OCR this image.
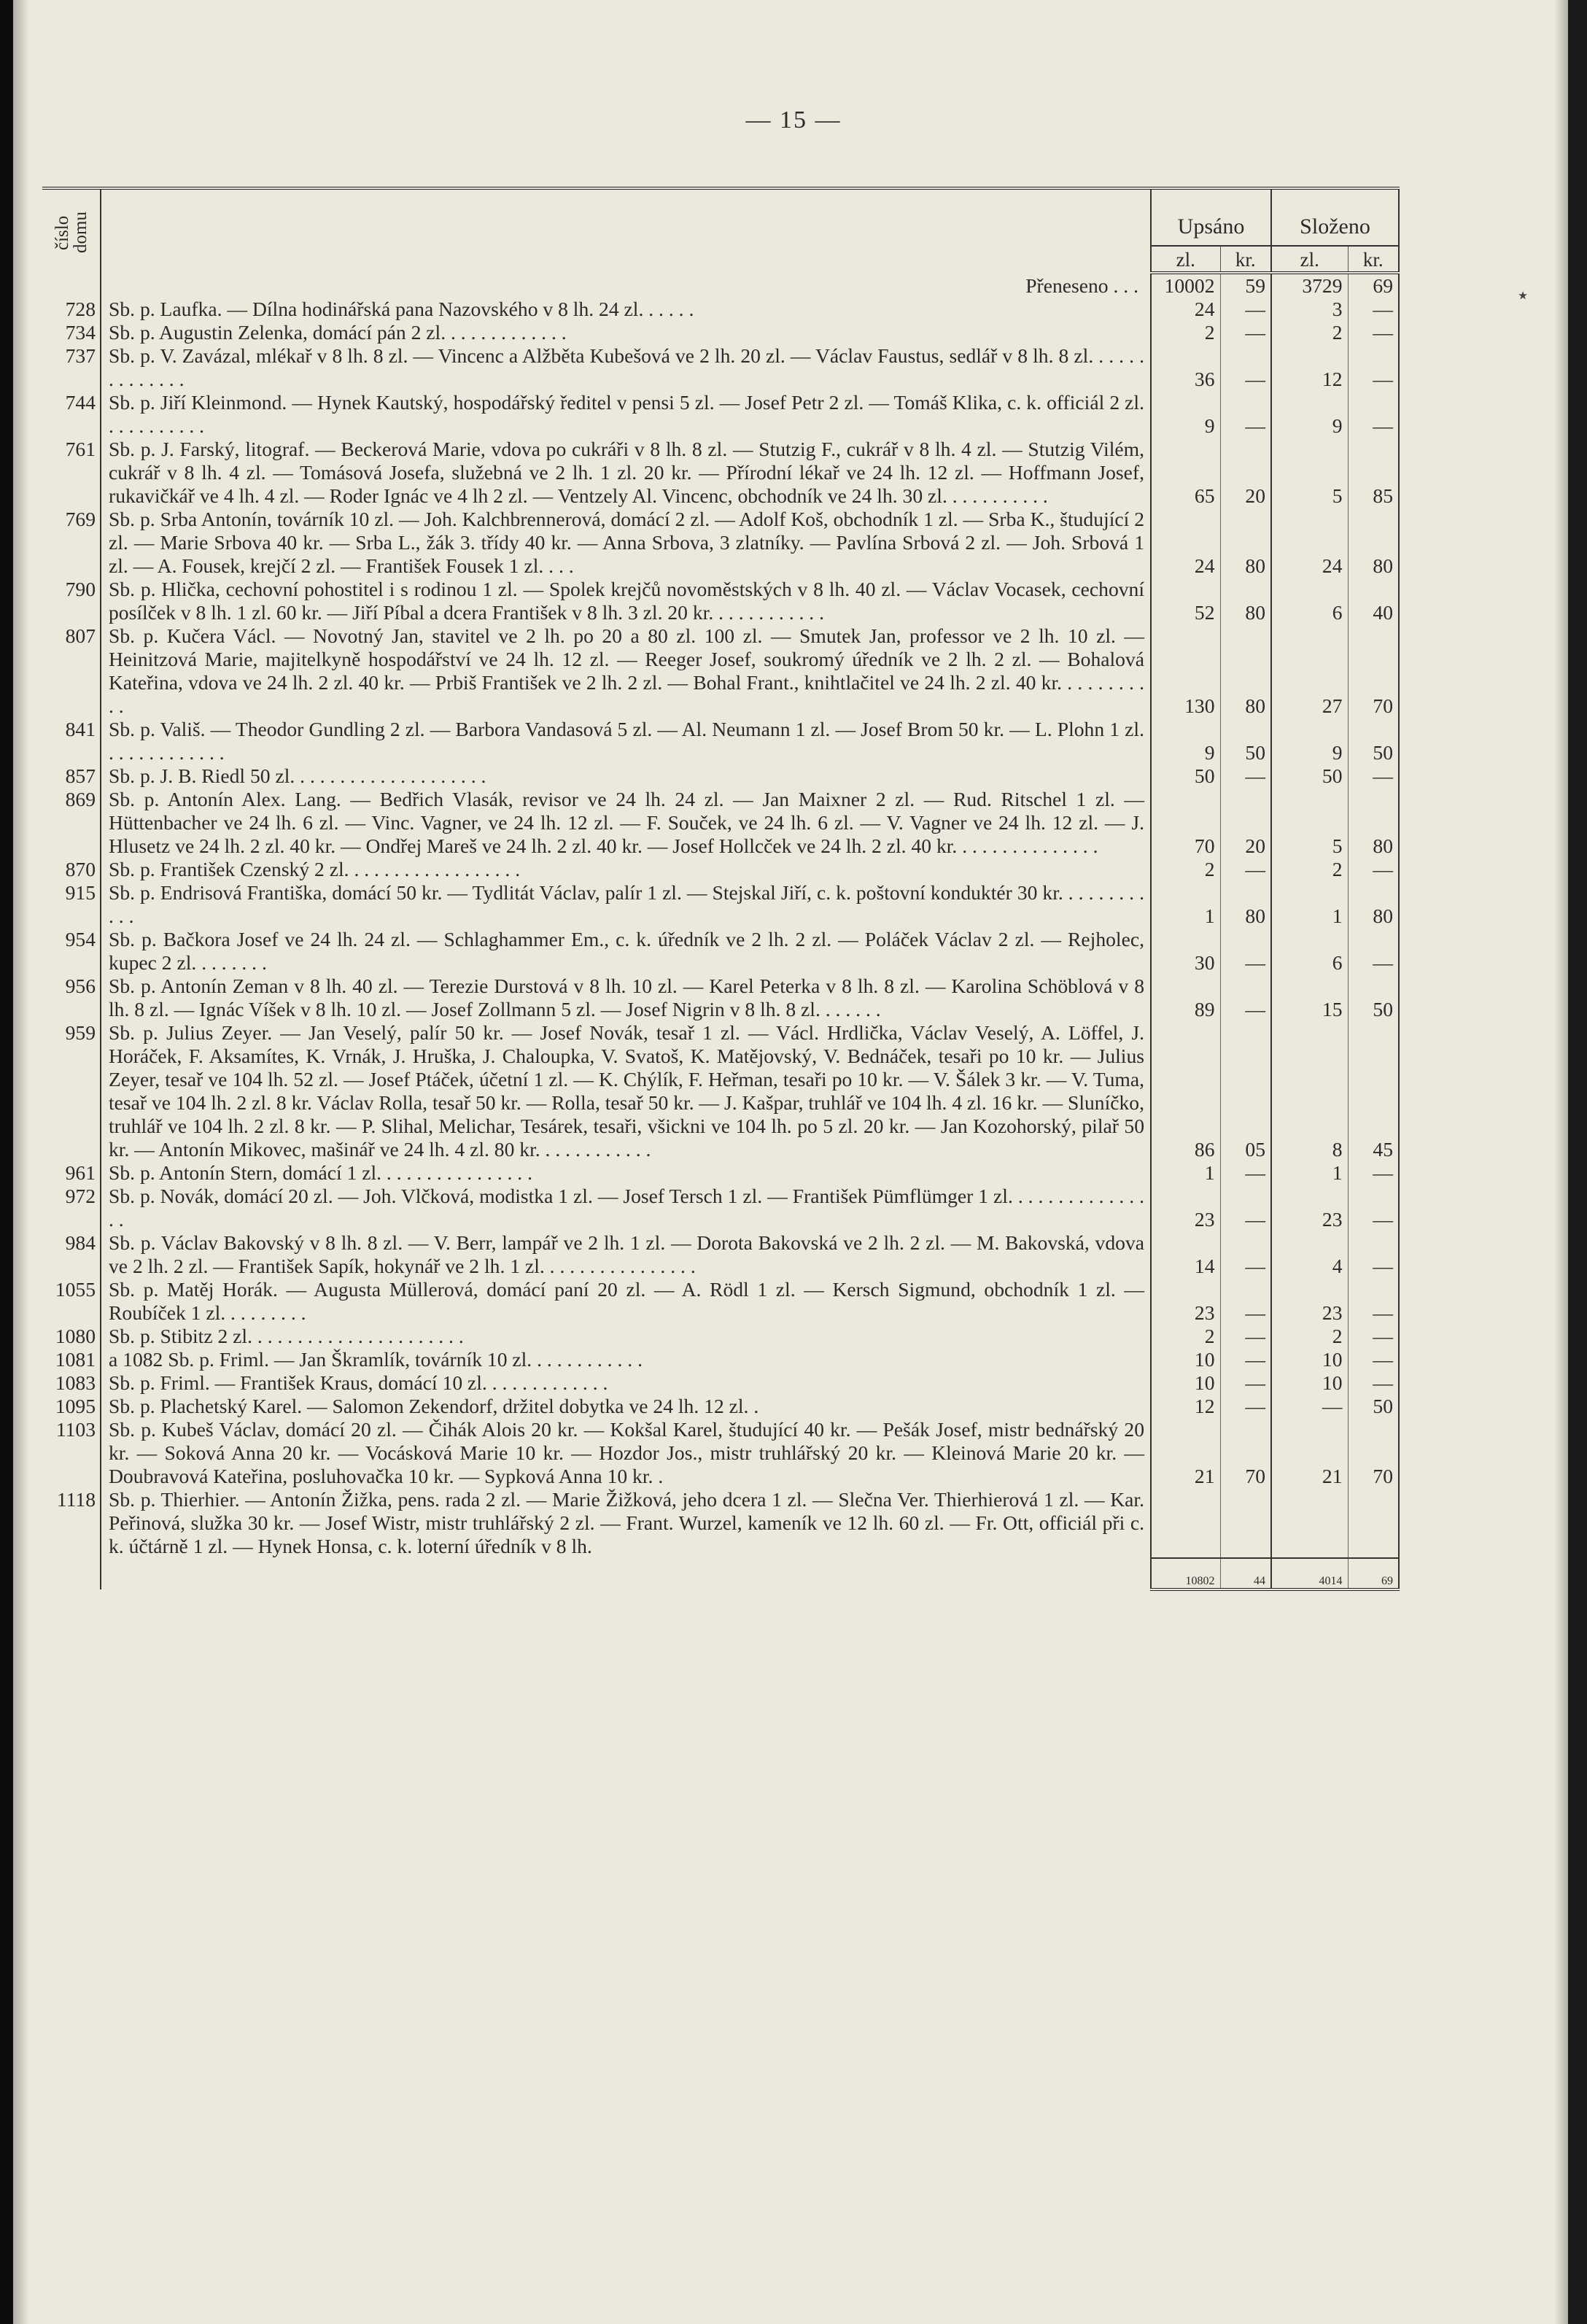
٭
— 15 —
číslo domu		Upsáno		Složeno	
		zl.	kr.	zl.	kr.
	Přeneseno . . .	10002	59	3729	69
728	Sb. p. Laufka. — Dílna hodinářská pana Nazovského v 8 lh. 24 zl. . . . . .	24	—	3	—
734	Sb. p. Augustin Zelenka, domácí pán 2 zl. . . . . . . . . . . . .	2	—	2	—
737	Sb. p. V. Zavázal, mlékař v 8 lh. 8 zl. — Vincenc a Alžběta Kubešová ve 2 lh. 20 zl. — Václav Faustus, sedlář v 8 lh. 8 zl. . . . . . . . . . . . . .	36	—	12	—
744	Sb. p. Jiří Kleinmond. — Hynek Kautský, hospodářský ředitel v pensi 5 zl. — Josef Petr 2 zl. — Tomáš Klika, c. k. officiál 2 zl. . . . . . . . . . .	9	—	9	—
761	Sb. p. J. Farský, litograf. — Beckerová Marie, vdova po cukráři v 8 lh. 8 zl. — Stutzig F., cukrář v 8 lh. 4 zl. — Stutzig Vilém, cukrář v 8 lh. 4 zl. — Tomásová Josefa, služebná ve 2 lh. 1 zl. 20 kr. — Přírodní lékař ve 24 lh. 12 zl. — Hoffmann Josef, rukavičkář ve 4 lh. 4 zl. — Roder Ignác ve 4 lh 2 zl. — Ventzely Al. Vincenc, obchodník ve 24 lh. 30 zl. . . . . . . . . . .	65	20	5	85
769	Sb. p. Srba Antonín, továrník 10 zl. — Joh. Kalchbrennerová, domácí 2 zl. — Adolf Koš, obchodník 1 zl. — Srba K., študující 2 zl. — Marie Srbova 40 kr. — Srba L., žák 3. třídy 40 kr. — Anna Srbova, 3 zlatníky. — Pavlína Srbová 2 zl. — Joh. Srbová 1 zl. — A. Fousek, krejčí 2 zl. — František Fousek 1 zl. . . .	24	80	24	80
790	Sb. p. Hlička, cechovní pohostitel i s rodinou 1 zl. — Spolek krejčů novoměstských v 8 lh. 40 zl. — Václav Vocasek, cechovní posílček v 8 lh. 1 zl. 60 kr. — Jiří Píbal a dcera František v 8 lh. 3 zl. 20 kr. . . . . . . . . . . .	52	80	6	40
807	Sb. p. Kučera Václ. — Novotný Jan, stavitel ve 2 lh. po 20 a 80 zl. 100 zl. — Smutek Jan, professor ve 2 lh. 10 zl. — Heinitzová Marie, majitelkyně hospodářství ve 24 lh. 12 zl. — Reeger Josef, soukromý úředník ve 2 lh. 2 zl. — Bohalová Kateřina, vdova ve 24 lh. 2 zl. 40 kr. — Prbiš František ve 2 lh. 2 zl. — Bohal Frant., knihtlačitel ve 24 lh. 2 zl. 40 kr. . . . . . . . . . .	130	80	27	70
841	Sb. p. Vališ. — Theodor Gundling 2 zl. — Barbora Vandasová 5 zl. — Al. Neumann 1 zl. — Josef Brom 50 kr. — L. Plohn 1 zl. . . . . . . . . . . . .	9	50	9	50
857	Sb. p. J. B. Riedl 50 zl. . . . . . . . . . . . . . . . . . . .	50	—	50	—
869	Sb. p. Antonín Alex. Lang. — Bedřich Vlasák, revisor ve 24 lh. 24 zl. — Jan Maixner 2 zl. — Rud. Ritschel 1 zl. — Hüttenbacher ve 24 lh. 6 zl. — Vinc. Vagner, ve 24 lh. 12 zl. — F. Souček, ve 24 lh. 6 zl. — V. Vagner ve 24 lh. 12 zl. — J. Hlusetz ve 24 lh. 2 zl. 40 kr. — Ondřej Mareš ve 24 lh. 2 zl. 40 kr. — Josef Hollcček ve 24 lh. 2 zl. 40 kr. . . . . . . . . . . . . . .	70	20	5	80
870	Sb. p. František Czenský 2 zl. . . . . . . . . . . . . . . . . .	2	—	2	—
915	Sb. p. Endrisová Františka, domácí 50 kr. — Tydlitát Václav, palír 1 zl. — Stejskal Jiří, c. k. poštovní konduktér 30 kr. . . . . . . . . . . .	1	80	1	80
954	Sb. p. Bačkora Josef ve 24 lh. 24 zl. — Schlaghammer Em., c. k. úředník ve 2 lh. 2 zl. — Poláček Václav 2 zl. — Rejholec, kupec 2 zl. . . . . . . .	30	—	6	—
956	Sb. p. Antonín Zeman v 8 lh. 40 zl. — Terezie Durstová v 8 lh. 10 zl. — Karel Peterka v 8 lh. 8 zl. — Karolina Schöblová v 8 lh. 8 zl. — Ignác Víšek v 8 lh. 10 zl. — Josef Zollmann 5 zl. — Josef Nigrin v 8 lh. 8 zl. . . . . . .	89	—	15	50
959	Sb. p. Julius Zeyer. — Jan Veselý, palír 50 kr. — Josef Novák, tesař 1 zl. — Václ. Hrdlička, Václav Veselý, A. Löffel, J. Horáček, F. Aksamítes, K. Vrnák, J. Hruška, J. Chaloupka, V. Svatoš, K. Matějovský, V. Bednáček, tesaři po 10 kr. — Julius Zeyer, tesař ve 104 lh. 52 zl. — Josef Ptáček, účetní 1 zl. — K. Chýlík, F. Heřman, tesaři po 10 kr. — V. Šálek 3 kr. — V. Tuma, tesař ve 104 lh. 2 zl. 8 kr. Václav Rolla, tesař 50 kr. — Rolla, tesař 50 kr. — J. Kašpar, truhlář ve 104 lh. 4 zl. 16 kr. — Sluníčko, truhlář ve 104 lh. 2 zl. 8 kr. — P. Slihal, Melichar, Tesárek, tesaři, všickni ve 104 lh. po 5 zl. 20 kr. — Jan Kozohorský, pilař 50 kr. — Antonín Mikovec, mašinář ve 24 lh. 4 zl. 80 kr. . . . . . . . . . . .	86	05	8	45
961	Sb. p. Antonín Stern, domácí 1 zl. . . . . . . . . . . . . . . .	1	—	1	—
972	Sb. p. Novák, domácí 20 zl. — Joh. Vlčková, modistka 1 zl. — Josef Tersch 1 zl. — František Pümflümger 1 zl. . . . . . . . . . . . . . . .	23	—	23	—
984	Sb. p. Václav Bakovský v 8 lh. 8 zl. — V. Berr, lampář ve 2 lh. 1 zl. — Dorota Bakovská ve 2 lh. 2 zl. — M. Bakovská, vdova ve 2 lh. 2 zl. — František Sapík, hokynář ve 2 lh. 1 zl. . . . . . . . . . . . . . . .	14	—	4	—
1055	Sb. p. Matěj Horák. — Augusta Müllerová, domácí paní 20 zl. — A. Rödl 1 zl. — Kersch Sigmund, obchodník 1 zl. — Roubíček 1 zl. . . . . . . . .	23	—	23	—
1080	Sb. p. Stibitz 2 zl. . . . . . . . . . . . . . . . . . . . . .	2	—	2	—
1081	a 1082 Sb. p. Friml. — Jan Škramlík, továrník 10 zl. . . . . . . . . . . .	10	—	10	—
1083	Sb. p. Friml. — František Kraus, domácí 10 zl. . . . . . . . . . . . .	10	—	10	—
1095	Sb. p. Plachetský Karel. — Salomon Zekendorf, držitel dobytka ve 24 lh. 12 zl. .	12	—	—	50
1103	Sb. p. Kubeš Václav, domácí 20 zl. — Čihák Alois 20 kr. — Kokšal Karel, študující 40 kr. — Pešák Josef, mistr bednářský 20 kr. — Soková Anna 20 kr. — Vocásková Marie 10 kr. — Hozdor Jos., mistr truhlářský 20 kr. — Kleinová Marie 20 kr. — Doubravová Kateřina, posluhovačka 10 kr. — Sypková Anna 10 kr. .	21	70	21	70
1118	Sb. p. Thierhier. — Antonín Žižka, pens. rada 2 zl. — Marie Žižková, jeho dcera 1 zl. — Slečna Ver. Thierhierová 1 zl. — Kar. Peřinová, služka 30 kr. — Josef Wistr, mistr truhlářský 2 zl. — Frant. Wurzel, kameník ve 12 lh. 60 zl. — Fr. Ott, officiál při c. k. účtárně 1 zl. — Hynek Honsa, c. k. loterní úředník v 8 lh.				
		10802	44	4014	69
